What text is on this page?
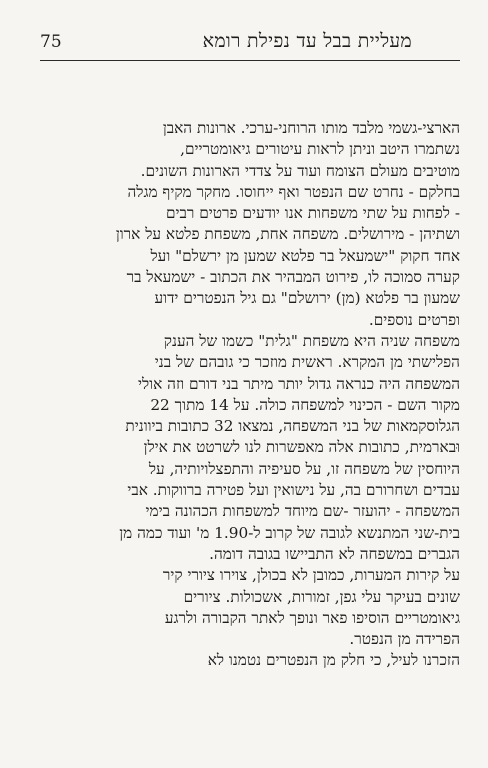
מעליית בבל עד נפילת רומא
75

הארצי-גשמי מלבד מותו הרוחני-ערכי. ארונות האבן
נשתמרו היטב וניתן לראות עיטורים גיאומטריים,
מוטיבים מעולם הצומח ועוד על צדדי הארונות השונים.
בחלקם - נחרט שם הנפטר ואף ייחוסו. מחקר מקיף מגלה
- לפחות על שתי משפחות אנו יודעים פרטים רבים
ושתיהן - מירושלים. משפחה אחת, משפחת פלטא על ארון
אחד חקוק "ישמעאל בר פלטא שמען מן ירשלם" ועל
קערה סמוכה לו, פירוט המבהיר את הכתוב - ישמעאל בר
שמעון בר פלטא (מן) ירושלם" גם גיל הנפטרים ידוע
ופרטים נוספים.

משפחה שניה היא משפחת "גלית" כשמו של הענק
הפלישתי מן המקרא. ראשית מוזכר כי גובהם של בני
המשפחה היה כנראה גדול יותר מיתר בני דורם וזה אולי
מקור השם - הכינוי למשפחה כולה. על 14 מתוך 22
הגלוסקמאות של בני המשפחה, נמצאו 32 כתובות ביוונית
וּבארמית, כתובות אלה מאפשרות לנו לשרטט את אילן
היוחסין של משפחה זו, על סעיפיה והתפצלויותיה, על
עבדים ושחרורם בה, על נישואין ועל פטירה ברווקות. אבי
המשפחה - יהועזר -שם מיוחד למשפחות הכהונה בימי
בית-שני המתנשא לגובה של קרוב ל-1.90 מ' ועוד כמה מן
הגברים במשפחה לא התביישו בגובה דומה.

על קירות המערות, כמובן לא בכולן, צוירו ציורי קיר
שונים בעיקר עלי גפן, זמורות, אשכולות. ציורים
גיאומטריים הוסיפו פאר ונופך לאתר הקבורה ולרגע
הפרידה מן הנפטר.

הזכרנו לעיל, כי חלק מן הנפטרים נטמנו לא
